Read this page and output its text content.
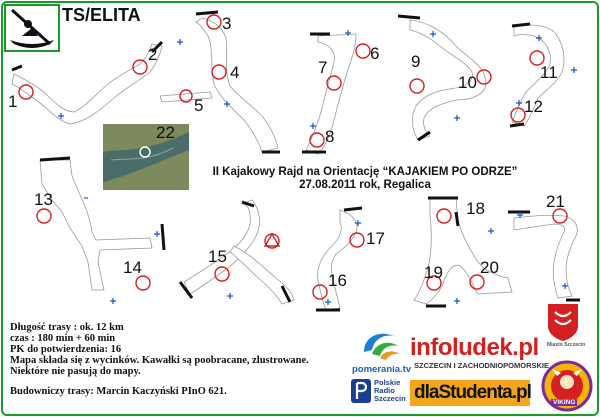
TS/ELITA
1
2
3
4
5
6
7
8
9
10
11
12
13
14
15
16
17
18
19 20
21
22
II Kajakowy Rajd na Orientację “KAJAKIEM PO ODRZE”
27.08.2011 rok, Regalica
Długość trasy : ok. 12 km
czas : 180 min + 60 min
PK do potwierdzenia: 16
Mapa składa się z wycinków. Kawałki są poobracane, zlustrowane.
Niektóre nie pasują do mapy.
Budowniczy trasy: Marcin Kaczyński PInO 621.
pomerania.tv
infoludek.pl
SZCZECIN I ZACHODNIOPOMORSKIE
Polskie
Radio
Szczecin dlaStudenta.pl
Miasto Szczecin
VIKING
